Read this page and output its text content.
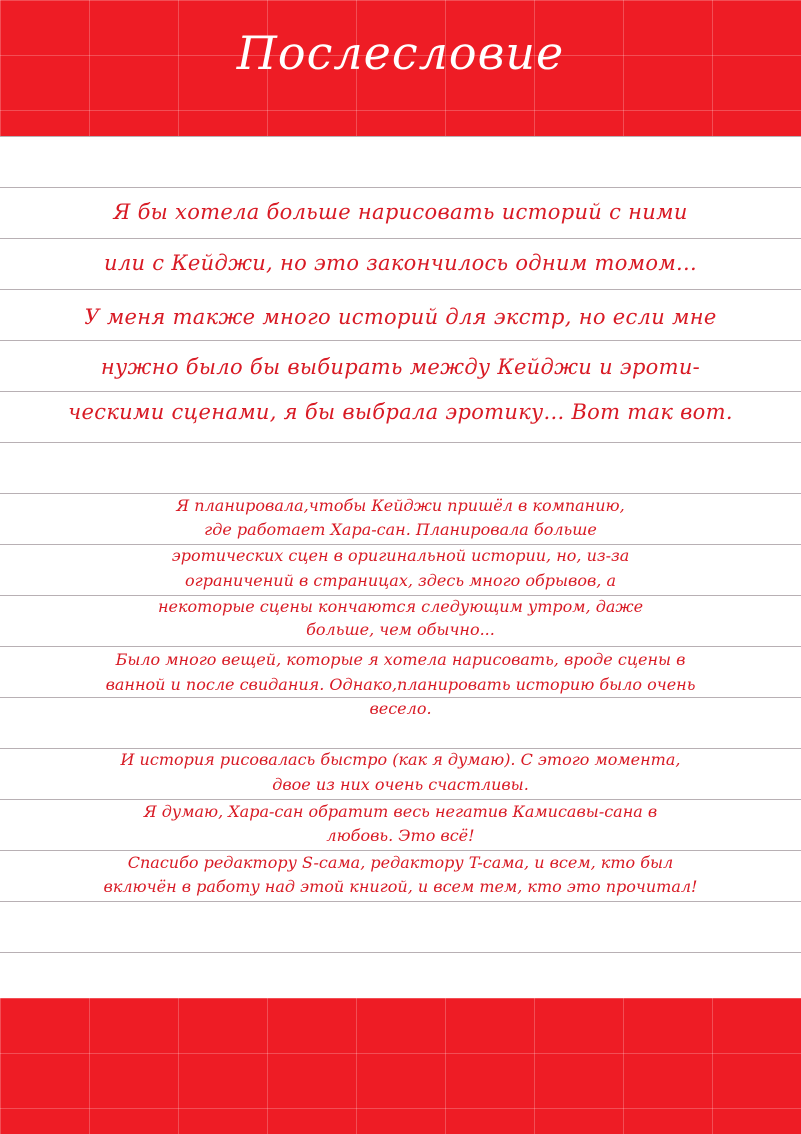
Послесловие
Я бы хотела больше нарисовать историй с ними
или с Кейджи, но это закончилось одним томом...
У меня также много историй для экстр, но если мне
нужно было бы выбирать между Кейджи и эроти-
ческими сценами, я бы выбрала эротику... Вот так вот.
Я планировала,чтобы Кейджи пришёл в компанию,
где работает Хара-сан. Планировала больше
эротических сцен в оригинальной истории, но, из-за
ограничений в страницах, здесь много обрывов, а
некоторые сцены кончаются следующим утром, даже
больше, чем обычно...
Было много вещей, которые я хотела нарисовать, вроде сцены в
ванной и после свидания. Однако,планировать историю было очень
весело.
И история рисовалась быстро (как я думаю). С этого момента,
двое из них очень счастливы.
Я думаю, Хара-сан обратит весь негатив Камисавы-сана в
любовь. Это всё!
Спасибо редактору S-сама, редактору T-сама, и всем, кто был
включён в работу над этой книгой, и всем тем, кто это прочитал!
